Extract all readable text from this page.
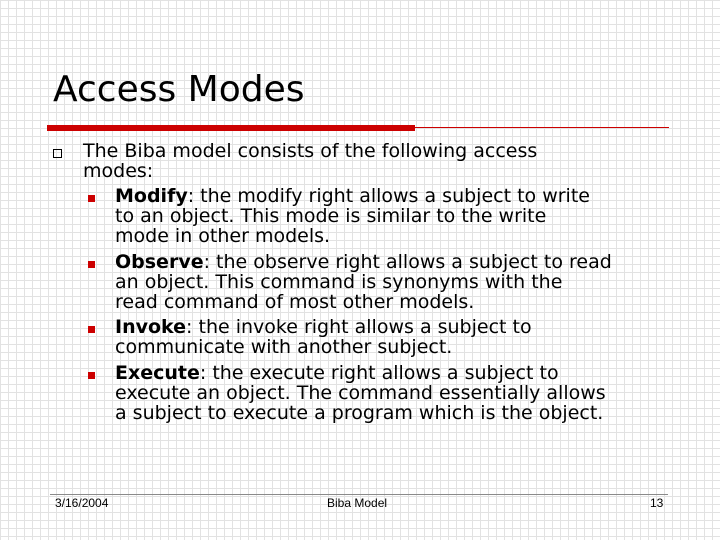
Access Modes
The Biba model consists of the following access
modes:
Modify: the modify right allows a subject to write
to an object. This mode is similar to the write
mode in other models.
Observe: the observe right allows a subject to read
an object. This command is synonyms with the
read command of most other models.
Invoke: the invoke right allows a subject to
communicate with another subject.
Execute: the execute right allows a subject to
execute an object. The command essentially allows
a subject to execute a program which is the object.
3/16/2004	Biba Model	13
